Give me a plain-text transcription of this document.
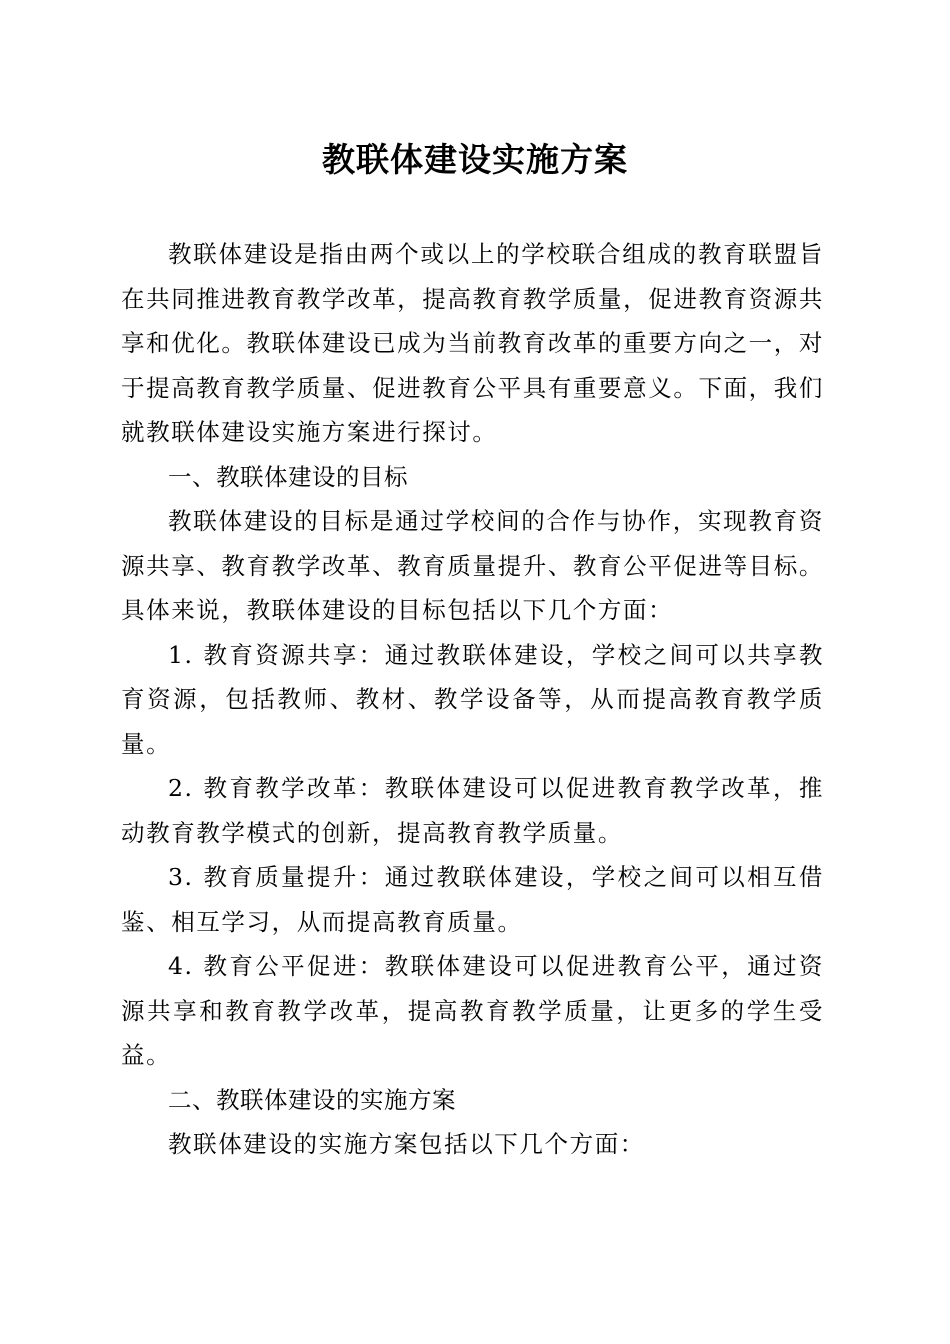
教联体建设实施方案

教联体建设是指由两个或以上的学校联合组成的教育联盟旨在共同推进教育教学改革，提高教育教学质量，促进教育资源共享和优化。教联体建设已成为当前教育改革的重要方向之一，对于提高教育教学质量、促进教育公平具有重要意义。下面，我们就教联体建设实施方案进行探讨。

一、教联体建设的目标

教联体建设的目标是通过学校间的合作与协作，实现教育资源共享、教育教学改革、教育质量提升、教育公平促进等目标。具体来说，教联体建设的目标包括以下几个方面：

1. 教育资源共享：通过教联体建设，学校之间可以共享教育资源，包括教师、教材、教学设备等，从而提高教育教学质量。

2. 教育教学改革：教联体建设可以促进教育教学改革，推动教育教学模式的创新，提高教育教学质量。

3. 教育质量提升：通过教联体建设，学校之间可以相互借鉴、相互学习，从而提高教育质量。

4. 教育公平促进：教联体建设可以促进教育公平，通过资源共享和教育教学改革，提高教育教学质量，让更多的学生受益。

二、教联体建设的实施方案

教联体建设的实施方案包括以下几个方面：
